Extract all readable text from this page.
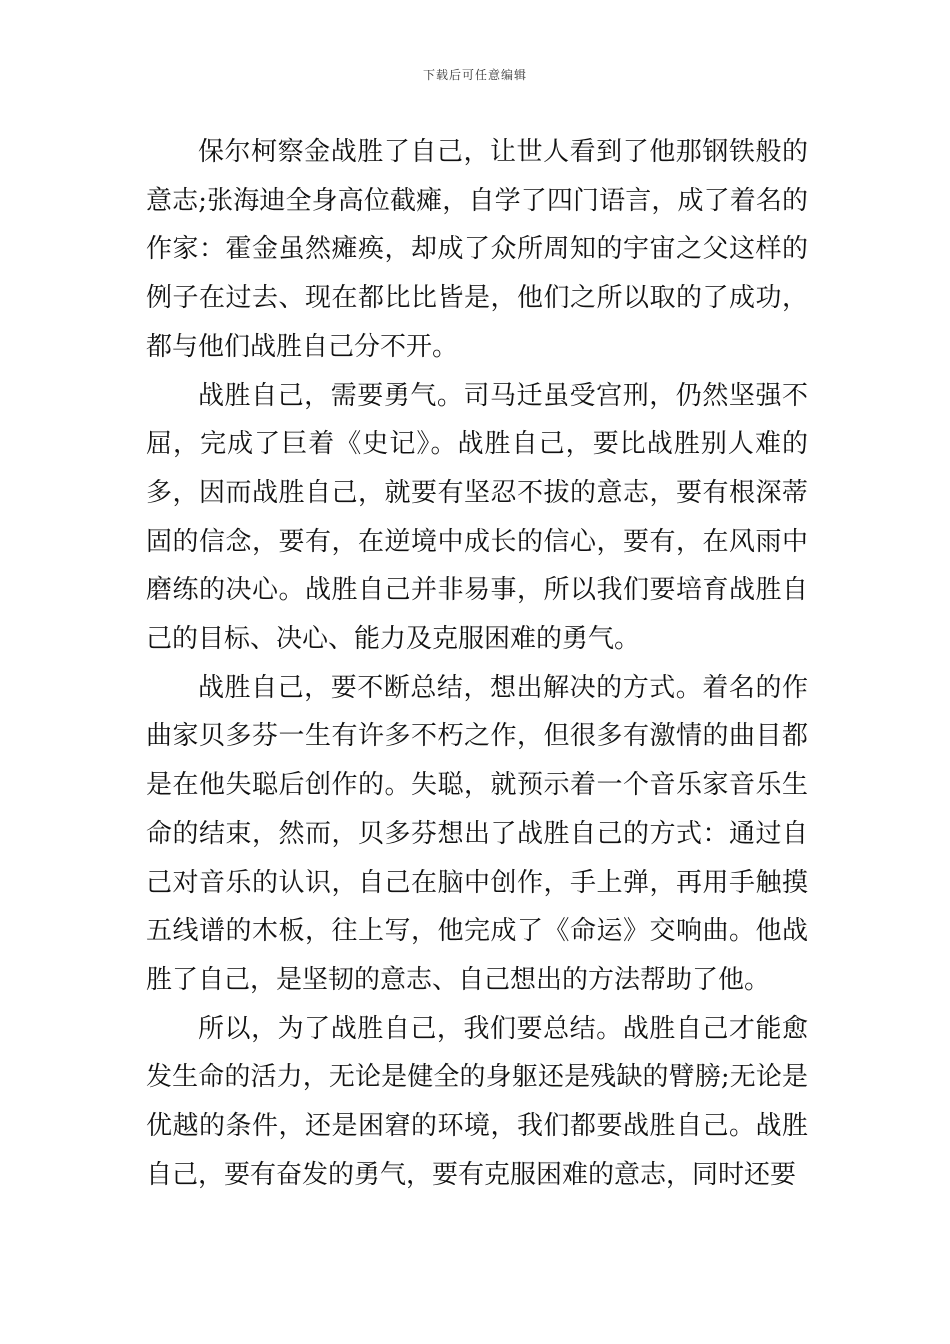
下载后可任意编辑

保尔柯察金战胜了自己，让世人看到了他那钢铁般的意志;张海迪全身高位截瘫，自学了四门语言，成了着名的作家：霍金虽然瘫痪，却成了众所周知的宇宙之父这样的例子在过去、现在都比比皆是，他们之所以取的了成功，都与他们战胜自己分不开。

战胜自己，需要勇气。司马迁虽受宫刑，仍然坚强不屈，完成了巨着《史记》。战胜自己，要比战胜别人难的多，因而战胜自己，就要有坚忍不拔的意志，要有根深蒂固的信念，要有，在逆境中成长的信心，要有，在风雨中磨练的决心。战胜自己并非易事，所以我们要培育战胜自己的目标、决心、能力及克服困难的勇气。

战胜自己，要不断总结，想出解决的方式。着名的作曲家贝多芬一生有许多不朽之作，但很多有激情的曲目都是在他失聪后创作的。失聪，就预示着一个音乐家音乐生命的结束，然而，贝多芬想出了战胜自己的方式：通过自己对音乐的认识，自己在脑中创作，手上弹，再用手触摸五线谱的木板，往上写，他完成了《命运》交响曲。他战胜了自己，是坚韧的意志、自己想出的方法帮助了他。

所以，为了战胜自己，我们要总结。战胜自己才能愈发生命的活力，无论是健全的身躯还是残缺的臂膀;无论是优越的条件，还是困窘的环境，我们都要战胜自己。战胜自己，要有奋发的勇气，要有克服困难的意志，同时还要
